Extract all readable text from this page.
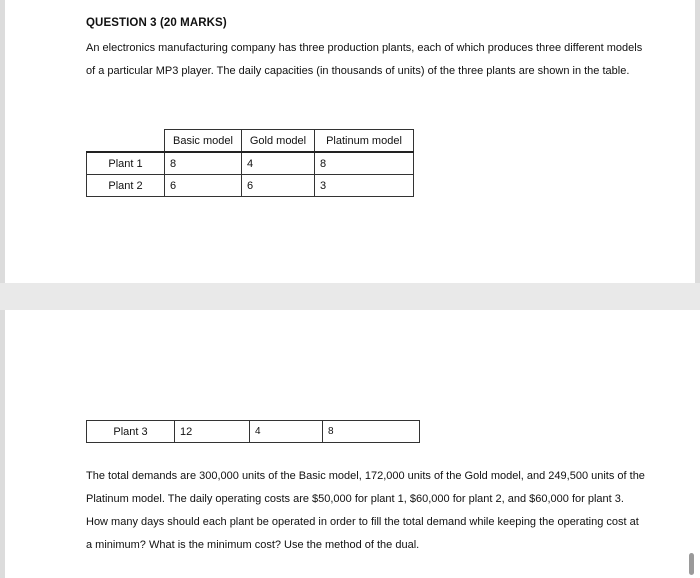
QUESTION 3 (20 MARKS)
An electronics manufacturing company has three production plants, each of which produces three different models of a particular MP3 player. The daily capacities (in thousands of units) of the three plants are shown in the table.
	Basic model	Gold model	Platinum model
Plant 1	8	4	8
Plant 2	6	6	3
Plant 3	12	4	8
The total demands are 300,000 units of the Basic model, 172,000 units of the Gold model, and 249,500 units of the Platinum model. The daily operating costs are $50,000 for plant 1, $60,000 for plant 2, and $60,000 for plant 3. How many days should each plant be operated in order to fill the total demand while keeping the operating cost at a minimum? What is the minimum cost? Use the method of the dual.
